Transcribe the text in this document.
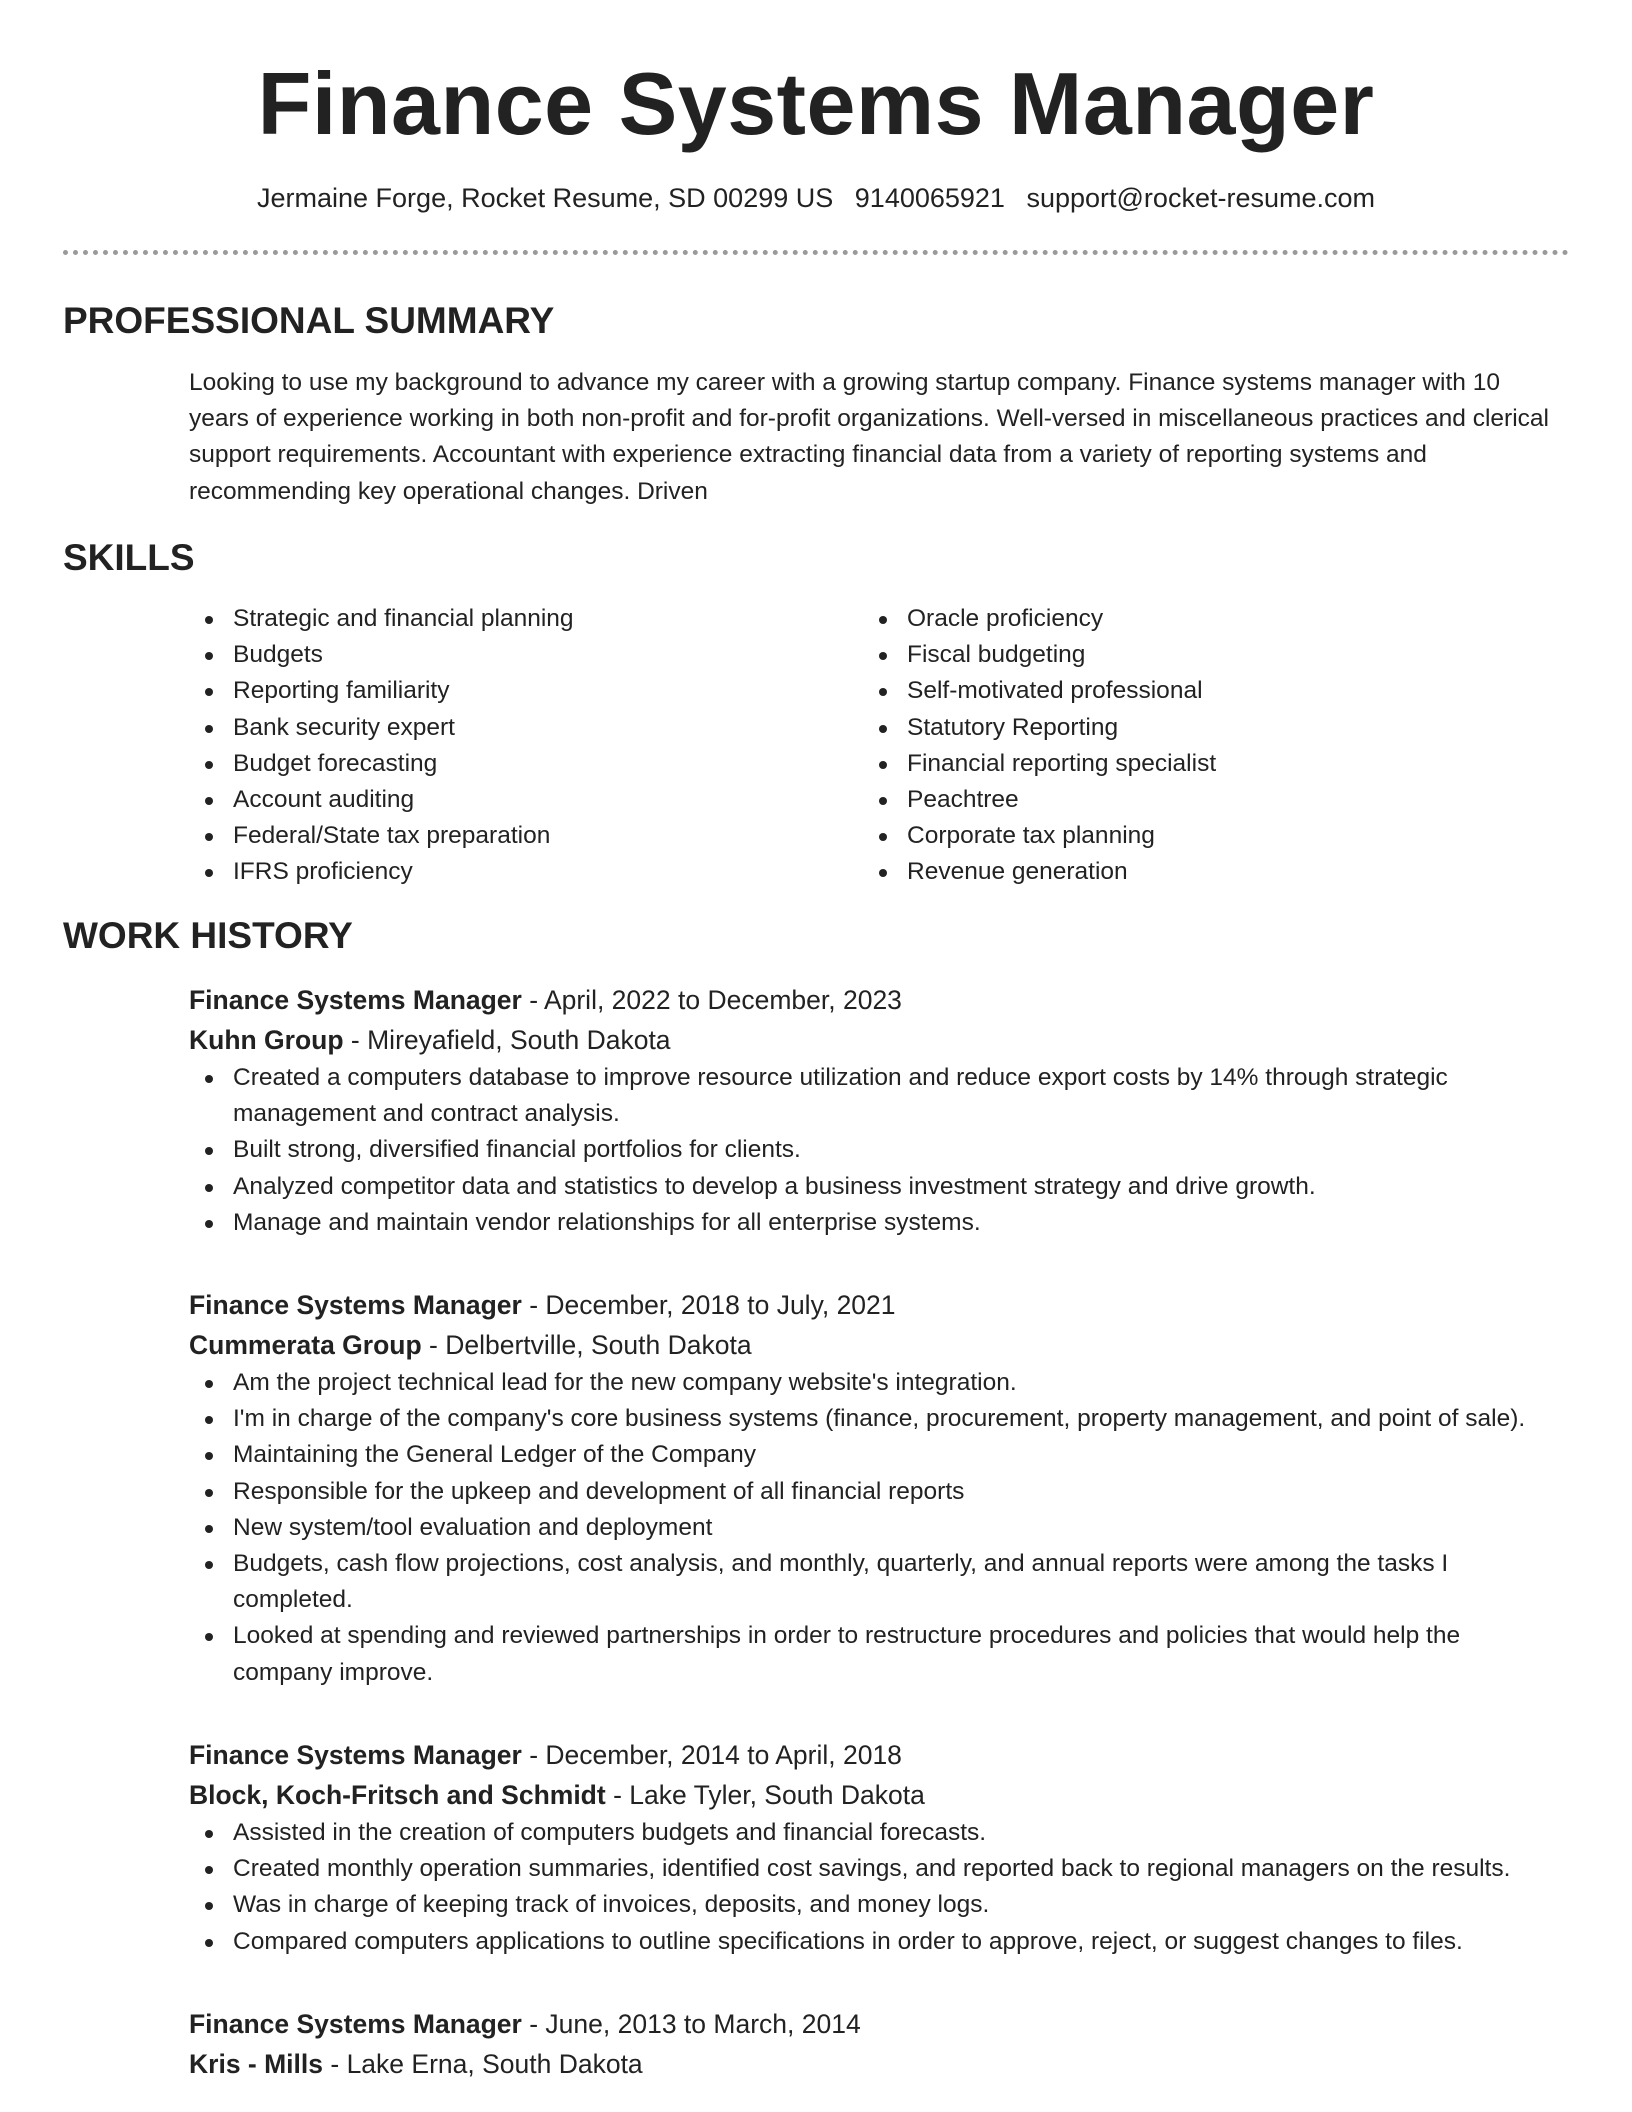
Finance Systems Manager
Jermaine Forge, Rocket Resume, SD 00299 US 9140065921 support@rocket-resume.com
PROFESSIONAL SUMMARY

Looking to use my background to advance my career with a growing startup company. Finance systems manager with 10 years of experience working in both non-profit and for-profit organizations. Well-versed in miscellaneous practices and clerical support requirements. Accountant with experience extracting financial data from a variety of reporting systems and recommending key operational changes. Driven

SKILLS
Strategic and financial planning
Budgets
Reporting familiarity
Bank security expert
Budget forecasting
Account auditing
Federal/State tax preparation
IFRS proficiency
Oracle proficiency
Fiscal budgeting
Self-motivated professional
Statutory Reporting
Financial reporting specialist
Peachtree
Corporate tax planning
Revenue generation
WORK HISTORY
Finance Systems Manager - April, 2022 to December, 2023
Kuhn Group - Mireyafield, South Dakota
Created a computers database to improve resource utilization and reduce export costs by 14% through strategic management and contract analysis.
Built strong, diversified financial portfolios for clients.
Analyzed competitor data and statistics to develop a business investment strategy and drive growth.
Manage and maintain vendor relationships for all enterprise systems.
Finance Systems Manager - December, 2018 to July, 2021
Cummerata Group - Delbertville, South Dakota
Am the project technical lead for the new company website's integration.
I'm in charge of the company's core business systems (finance, procurement, property management, and point of sale).
Maintaining the General Ledger of the Company
Responsible for the upkeep and development of all financial reports
New system/tool evaluation and deployment
Budgets, cash flow projections, cost analysis, and monthly, quarterly, and annual reports were among the tasks I completed.
Looked at spending and reviewed partnerships in order to restructure procedures and policies that would help the company improve.
Finance Systems Manager - December, 2014 to April, 2018
Block, Koch-Fritsch and Schmidt - Lake Tyler, South Dakota
Assisted in the creation of computers budgets and financial forecasts.
Created monthly operation summaries, identified cost savings, and reported back to regional managers on the results.
Was in charge of keeping track of invoices, deposits, and money logs.
Compared computers applications to outline specifications in order to approve, reject, or suggest changes to files.
Finance Systems Manager - June, 2013 to March, 2014
Kris - Mills - Lake Erna, South Dakota
